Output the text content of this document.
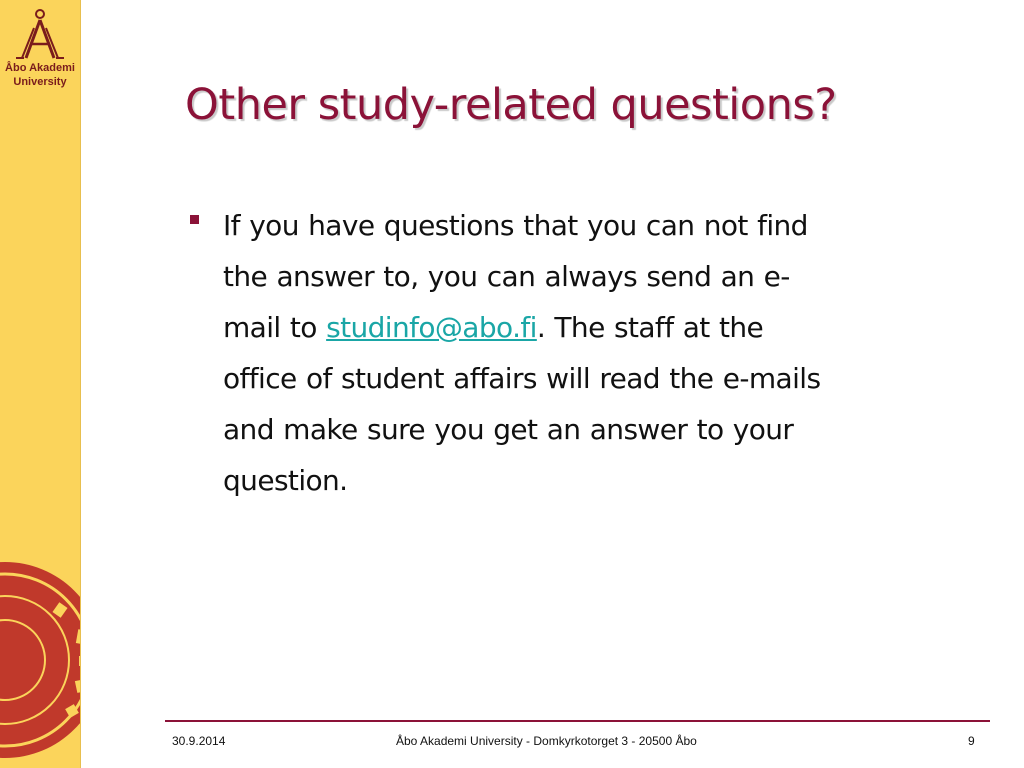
Åbo Akademi
University	Other study-related questions?

If you have questions that you can not find
the answer to, you can always send an e-
mail to studinfo@abo.fi. The staff at the
office of student affairs will read the e-mails
and make sure you get an answer to your
question.

30.9.2014	Åbo Akademi University - Domkyrkotorget 3 - 20500 Åbo	9
